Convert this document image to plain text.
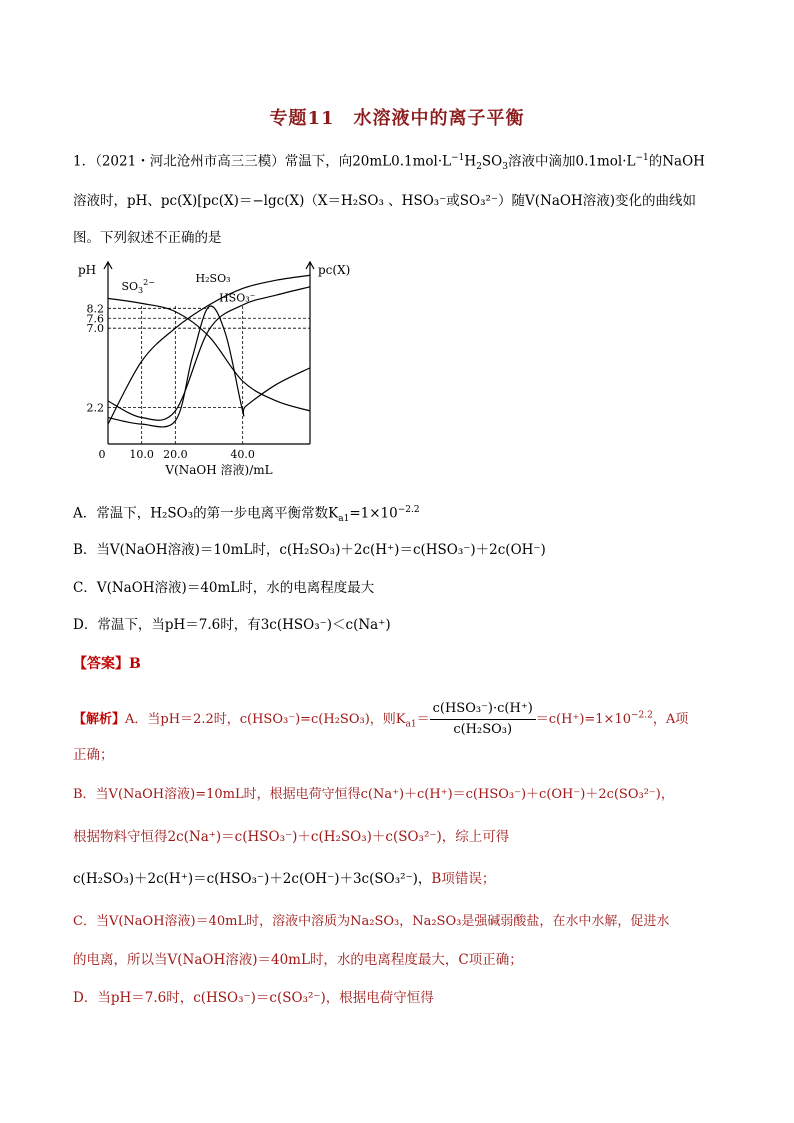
专题11　水溶液中的离子平衡
1．（2021・河北沧州市高三三模）常温下，向$20mL0.1mol\cdot L^{-1}H_2SO_3$溶液中滴加$0.1mol\cdot L^{-1}$的NaOH
溶液时，pH、pc(X)[pc(X)＝−lgc(X)（X＝H₂SO₃ 、HSO₃⁻或SO₃²⁻）随V(NaOH溶液)变化的曲线如
图。下列叙述不正确的是
2.2
7.0
7.6
8.2
0 10.0 20.0	40.0
pH	pc(X)
V(NaOH 溶液)/mL
$SO_3^{2-}$	H₂SO₃
HSO₃⁻
A．常温下，H₂SO₃的第一步电离平衡常数$K_{a1}=1\times 10^{-2.2}$
B．当V(NaOH溶液)＝10mL时，c(H₂SO₃)＋2c(H⁺)＝c(HSO₃⁻)＋2c(OH⁻)
C．V(NaOH溶液)＝40mL时，水的电离程度最大
D．常温下，当pH＝7.6时，有3c(HSO₃⁻)＜c(Na⁺)
【答案】B
【解析】A．当pH＝2.2时，c(HSO₃⁻)=c(H₂SO₃)，则$K_{a1}= \frac{\text{c(HSO₃⁻)·c(H⁺)}}{\text{c(H₂SO₃)}} =c(H^+)=1\times 10^{-2.2}$，A项
正确；
B．当V(NaOH溶液)=10mL时，根据电荷守恒得c(Na⁺)＋c(H⁺)＝c(HSO₃⁻)＋c(OH⁻)＋2c(SO₃²⁻)，
根据物料守恒得2c(Na⁺)＝c(HSO₃⁻)＋c(H₂SO₃)＋c(SO₃²⁻)，综上可得
c(H₂SO₃)＋2c(H⁺)＝c(HSO₃⁻)＋2c(OH⁻)＋3c(SO₃²⁻)，B项错误；
C．当V(NaOH溶液)＝40mL时，溶液中溶质为Na₂SO₃，Na₂SO₃是强碱弱酸盐，在水中水解，促进水
的电离，所以当V(NaOH溶液)＝40mL时，水的电离程度最大，C项正确；
D．当pH＝7.6时，c(HSO₃⁻)＝c(SO₃²⁻)，根据电荷守恒得
